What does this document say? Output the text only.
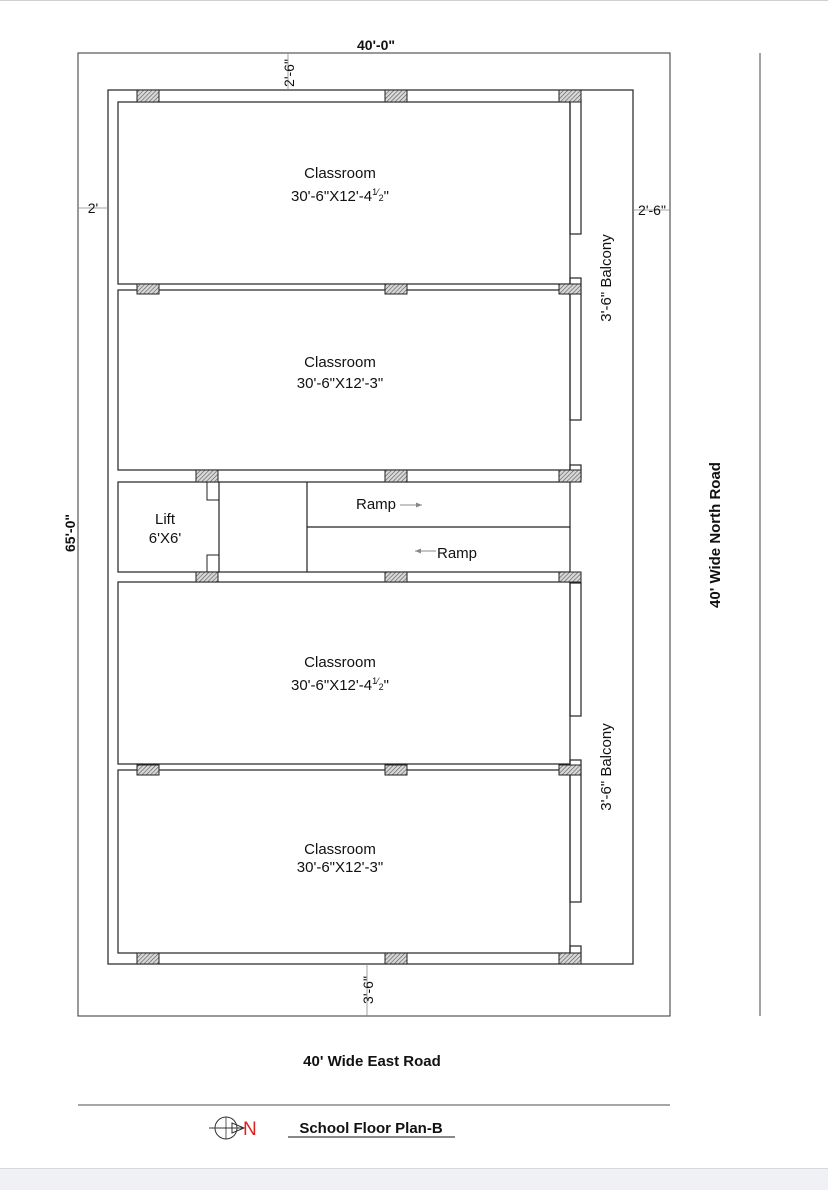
40'-0"
65'-0"
2'-6"
2'	2'-6"
3'-6"
Classroom
$30'-6"X12'-4^1⁄_2$"
Classroom
30'-6"X12'-3"
Classroom
$30'-6"X12'-4^1⁄_2$"
Classroom
30'-6"X12'-3"
Lift
6'X6'
Ramp
Ramp
3'-6" Balcony
3'-6" Balcony
40' Wide North Road
40' Wide East Road
N	School Floor Plan-B
